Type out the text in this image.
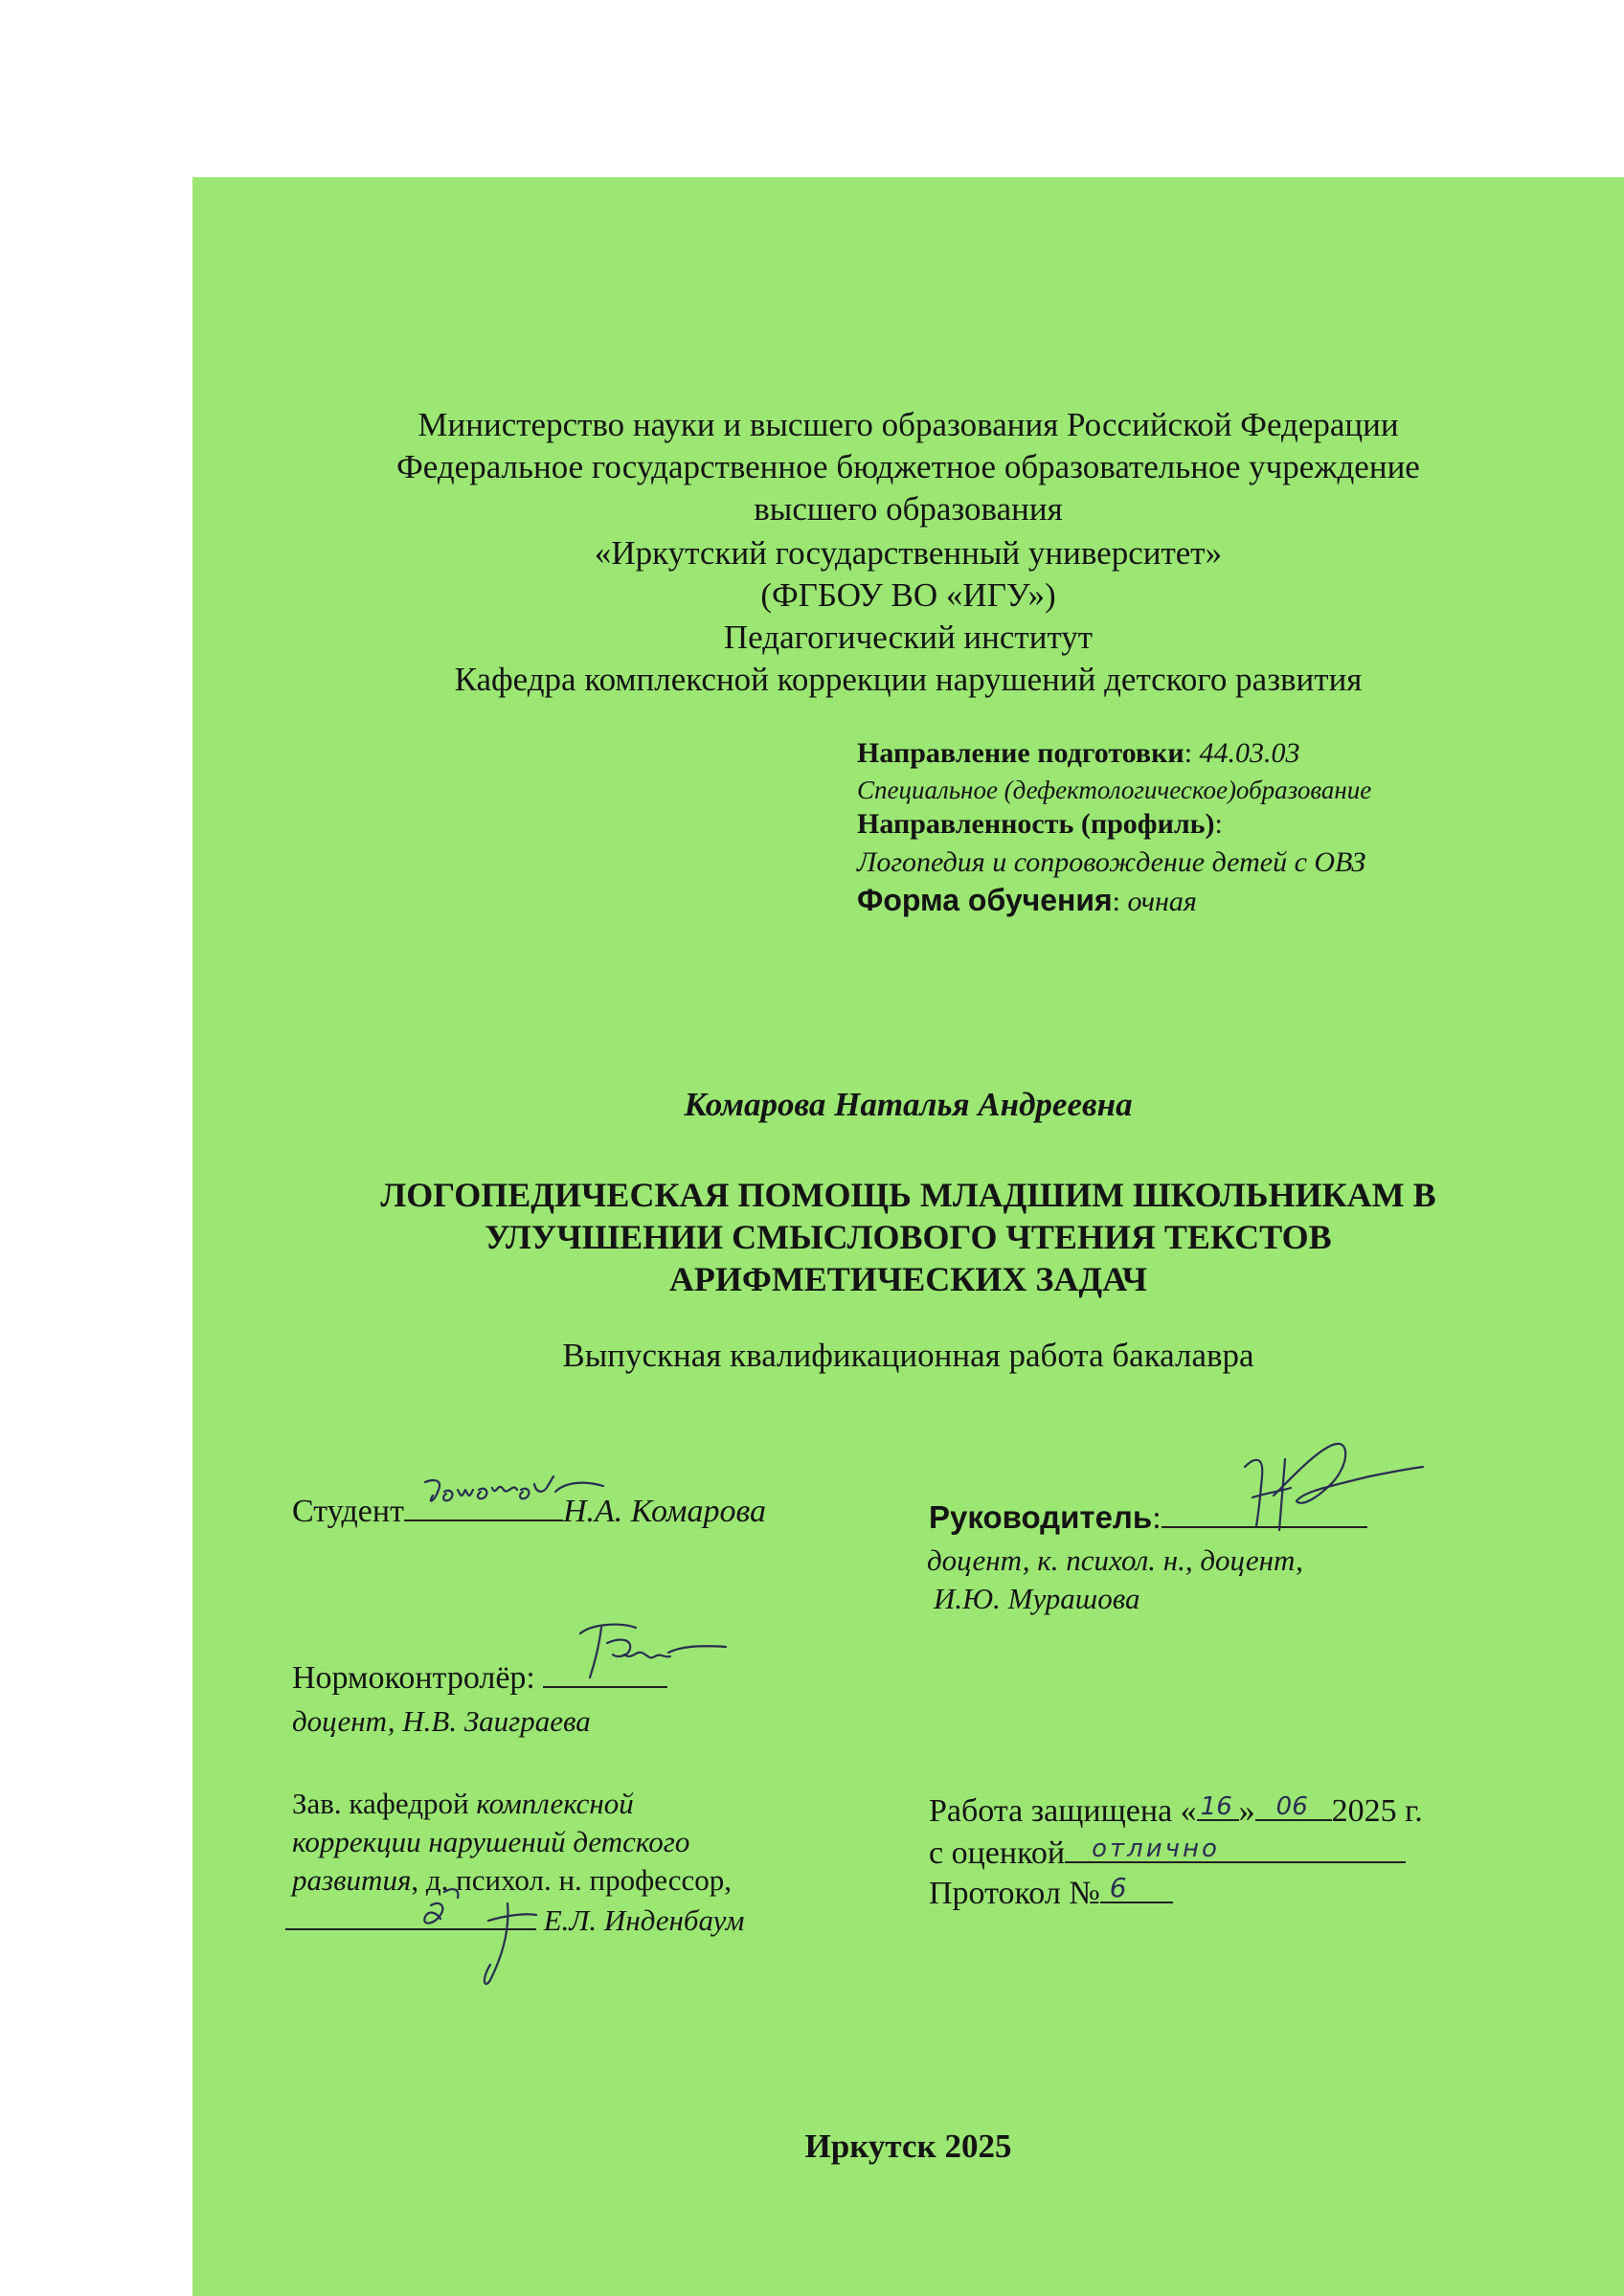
Министерство науки и высшего образования Российской Федерации
Федеральное государственное бюджетное образовательное учреждение
высшего образования
«Иркутский государственный университет»
(ФГБОУ ВО «ИГУ»)
Педагогический институт
Кафедра комплексной коррекции нарушений детского развития
Направление подготовки: 44.03.03
Специальное (дефектологическое)образование
Направленность (профиль):
Логопедия и сопровождение детей с ОВЗ
Форма обучения: очная
Комарова Наталья Андреевна
ЛОГОПЕДИЧЕСКАЯ ПОМОЩЬ МЛАДШИМ ШКОЛЬНИКАМ В
УЛУЧШЕНИИ СМЫСЛОВОГО ЧТЕНИЯ ТЕКСТОВ
АРИФМЕТИЧЕСКИХ ЗАДАЧ
Выпускная квалификационная работа бакалавра
Студент	Н.А. Комарова	Руководитель:
доцент, к. психол. н., доцент,
И.Ю. Мурашова
Нормоконтролёр:
доцент, Н.В. Заиграева
Зав. кафедрой комплексной
коррекции нарушений детского
развития, д. психол. н. профессор,
Е.Л. Инденбаум
Работа защищена « 16 » 06 2025 г.
с оценкой отлично
Протокол № 6
Иркутск 2025
